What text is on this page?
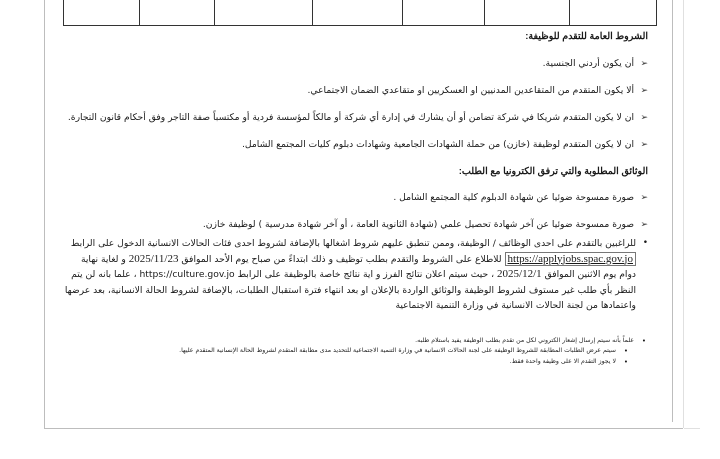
الشروط العامة للتقدم للوظيفة:

➢
أن يكون أردني الجنسية.
➢
ألا يكون المتقدم من المتقاعدين المدنيين او العسكريين او متقاعدي الضمان الاجتماعي.
➢
ان لا يكون المتقدم شريكا في شركة تضامن أو أن يشارك في إدارة أي شركة أو مالكاً لمؤسسة فردية أو مكتسباً صفة التاجر وفق أحكام قانون التجارة.
➢
ان لا يكون المتقدم لوظيفة (خازن) من حملة الشهادات الجامعية وشهادات دبلوم كليات المجتمع الشامل.

الوثائق المطلوبة والتي ترفق الكترونيا مع الطلب:

➢
صورة ممسوحة ضوئيا عن شهادة الدبلوم كلية المجتمع الشامل .
➢
صورة ممسوحة ضوئيا عن آخر شهادة تحصيل علمي (شهادة الثانوية العامة ، أو آخر شهادة مدرسية ) لوظيفة خازن.
•
للراغبين بالتقدم على احدى الوظائف / الوظيفة، وممن تنطبق عليهم شروط اشغالها بالإضافة لشروط احدى فئات الحالات الانسانية الدخول على الرابط
https://applyjobs.spac.gov.jo للاطلاع على الشروط والتقدم بطلب توظيف و ذلك ابتداءً من صباح يوم الأحد الموافق 2025/11/23 و لغاية نهاية
دوام يوم الاثنين الموافق 2025/12/1 ، حيث سيتم اعلان نتائج الفرز و اية نتائج خاصة بالوظيفة على الرابط https://culture.gov.jo ، علما بانه لن يتم
النظر بأي طلب غير مستوف لشروط الوظيفة والوثائق الواردة بالإعلان او بعد انتهاء فترة استقبال الطلبات، بالإضافة لشروط الحالة الانسانية، بعد عرضها
واعتمادها من لجنة الحالات الانسانية في وزارة التنمية الاجتماعية
•
علماً بأنه سيتم إرسال إشعار الكتروني لكل من تقدم بطلب الوظيفة يفيد باستلام طلبه.
•
سيتم عرض الطلبات المطابقة للشروط الوظيفة على لجنة الحالات الانسانية في وزارة التنمية الاجتماعية للتحديد مدى مطابقة المتقدم لشروط الحالة الإنسانية المتقدم عليها.
•
لا يجوز التقدم الا على وظيفة واحدة فقط.
